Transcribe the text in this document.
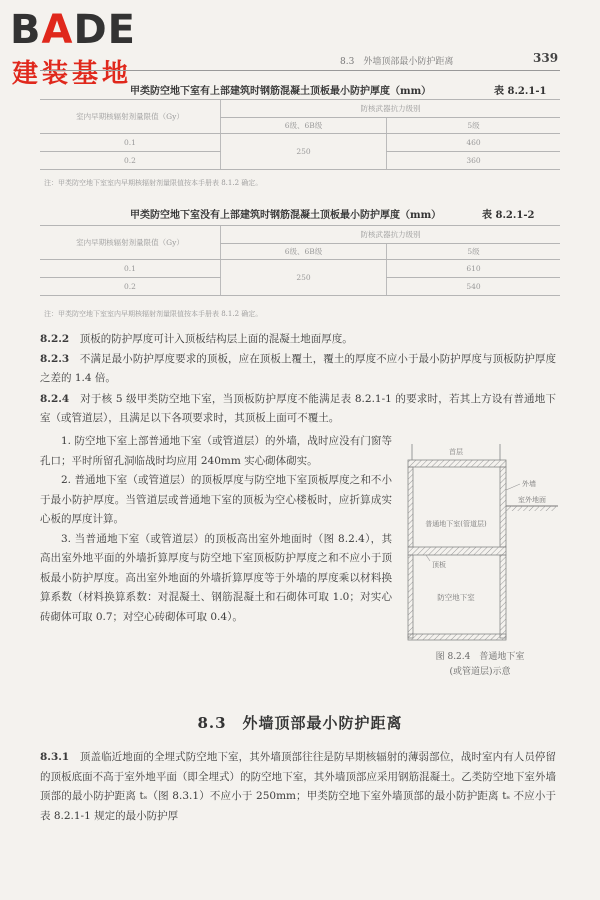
BADE
建装基地	8.3　外墙顶部最小防护距离	339
甲类防空地下室有上部建筑时钢筋混凝土顶板最小防护厚度（mm）	表 8.2.1-1
室内早期核辐射剂量限值（Gy）	防核武器抗力级别	
	6级、6B级	5级
0.1	250	460
0.2		360
注：甲类防空地下室室内早期核辐射剂量限值按本手册表 8.1.2 确定。
甲类防空地下室没有上部建筑时钢筋混凝土顶板最小防护厚度（mm）	表 8.2.1-2
室内早期核辐射剂量限值（Gy）	防核武器抗力级别	
	6级、6B级	5级
0.1	250	610
0.2		540
注：甲类防空地下室室内早期核辐射剂量限值按本手册表 8.1.2 确定。
8.2.2　 顶板的防护厚度可计入顶板结构层上面的混凝土地面厚度。
8.2.3　 不满足最小防护厚度要求的顶板，应在顶板上覆土，覆土的厚度不应小于最小防护厚度与顶板防护厚度之差的 1.4 倍。
8.2.4　 对于核 5 级甲类防空地下室，当顶板防护厚度不能满足表 8.2.1-1 的要求时，若其上方设有普通地下室（或管道层），且满足以下各项要求时，其顶板上面可不覆土。

1. 防空地下室上部普通地下室（或管道层）的外墙，战时应没有门窗等孔口；平时所留孔洞临战时均应用 240mm 实心砌体砌实。

2. 普通地下室（或管道层）的顶板厚度与防空地下室顶板厚度之和不小于最小防护厚度。当管道层或普通地下室的顶板为空心楼板时，应折算成实心板的厚度计算。

3. 当普通地下室（或管道层）的顶板高出室外地面时（图 8.2.4），其高出室外地平面的外墙折算厚度与防空地下室顶板防护厚度之和不应小于顶板最小防护厚度。高出室外地面的外墙折算厚度等于外墙的厚度乘以材料换算系数（材料换算系数：对混凝土、钢筋混凝土和石砌体可取 1.0；对实心砖砌体可取 0.7；对空心砖砌体可取 0.4）。

首层
普通地下室(管道层)
顶板
防空地下室
外墙
室外地面
图 8.2.4　普通地下室
(或管道层)示意
8.3　外墙顶部最小防护距离
8.3.1　 顶盖临近地面的全埋式防空地下室，其外墙顶部往往是防早期核辐射的薄弱部位，战时室内有人员停留的顶板底面不高于室外地平面（即全埋式）的防空地下室，其外墙顶部应采用钢筋混凝土。乙类防空地下室外墙顶部的最小防护距离 tₛ（图 8.3.1）不应小于 250mm；甲类防空地下室外墙顶部的最小防护距离 tₛ 不应小于表 8.2.1-1 规定的最小防护厚
